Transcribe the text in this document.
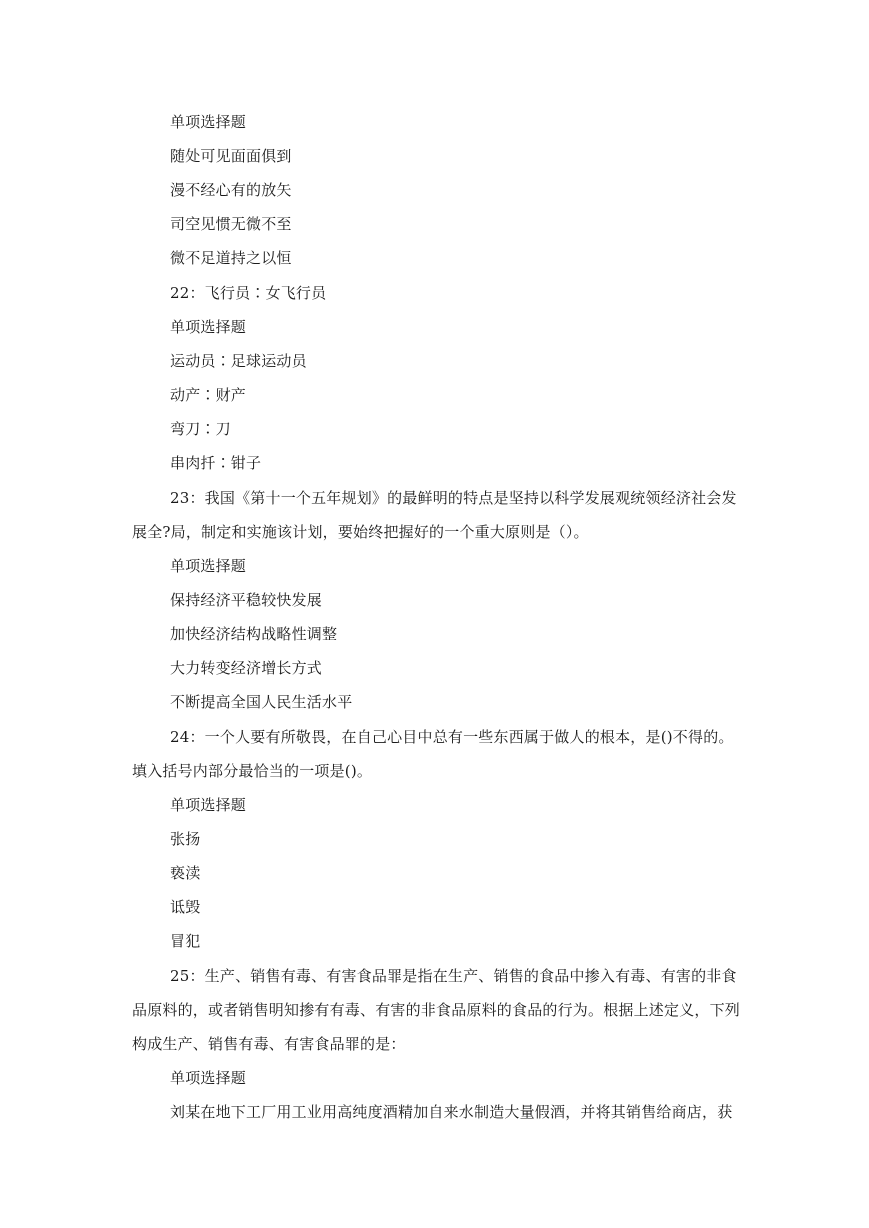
单项选择题
随处可见面面俱到
漫不经心有的放矢
司空见惯无微不至
微不足道持之以恒
22：飞行员∶女飞行员
单项选择题
运动员∶足球运动员
动产∶财产
弯刀∶刀
串肉扦∶钳子
23：我国《第十一个五年规划》的最鲜明的特点是坚持以科学发展观统领经济社会发
展全?局，制定和实施该计划，要始终把握好的一个重大原则是（）。
单项选择题
保持经济平稳较快发展
加快经济结构战略性调整
大力转变经济增长方式
不断提高全国人民生活水平
24：一个人要有所敬畏，在自己心目中总有一些东西属于做人的根本，是()不得的。
填入括号内部分最恰当的一项是()。
单项选择题
张扬
亵渎
诋毁
冒犯
25：生产、销售有毒、有害食品罪是指在生产、销售的食品中掺入有毒、有害的非食
品原料的，或者销售明知掺有有毒、有害的非食品原料的食品的行为。根据上述定义，下列
构成生产、销售有毒、有害食品罪的是：
单项选择题
刘某在地下工厂用工业用高纯度酒精加自来水制造大量假酒，并将其销售给商店，获
